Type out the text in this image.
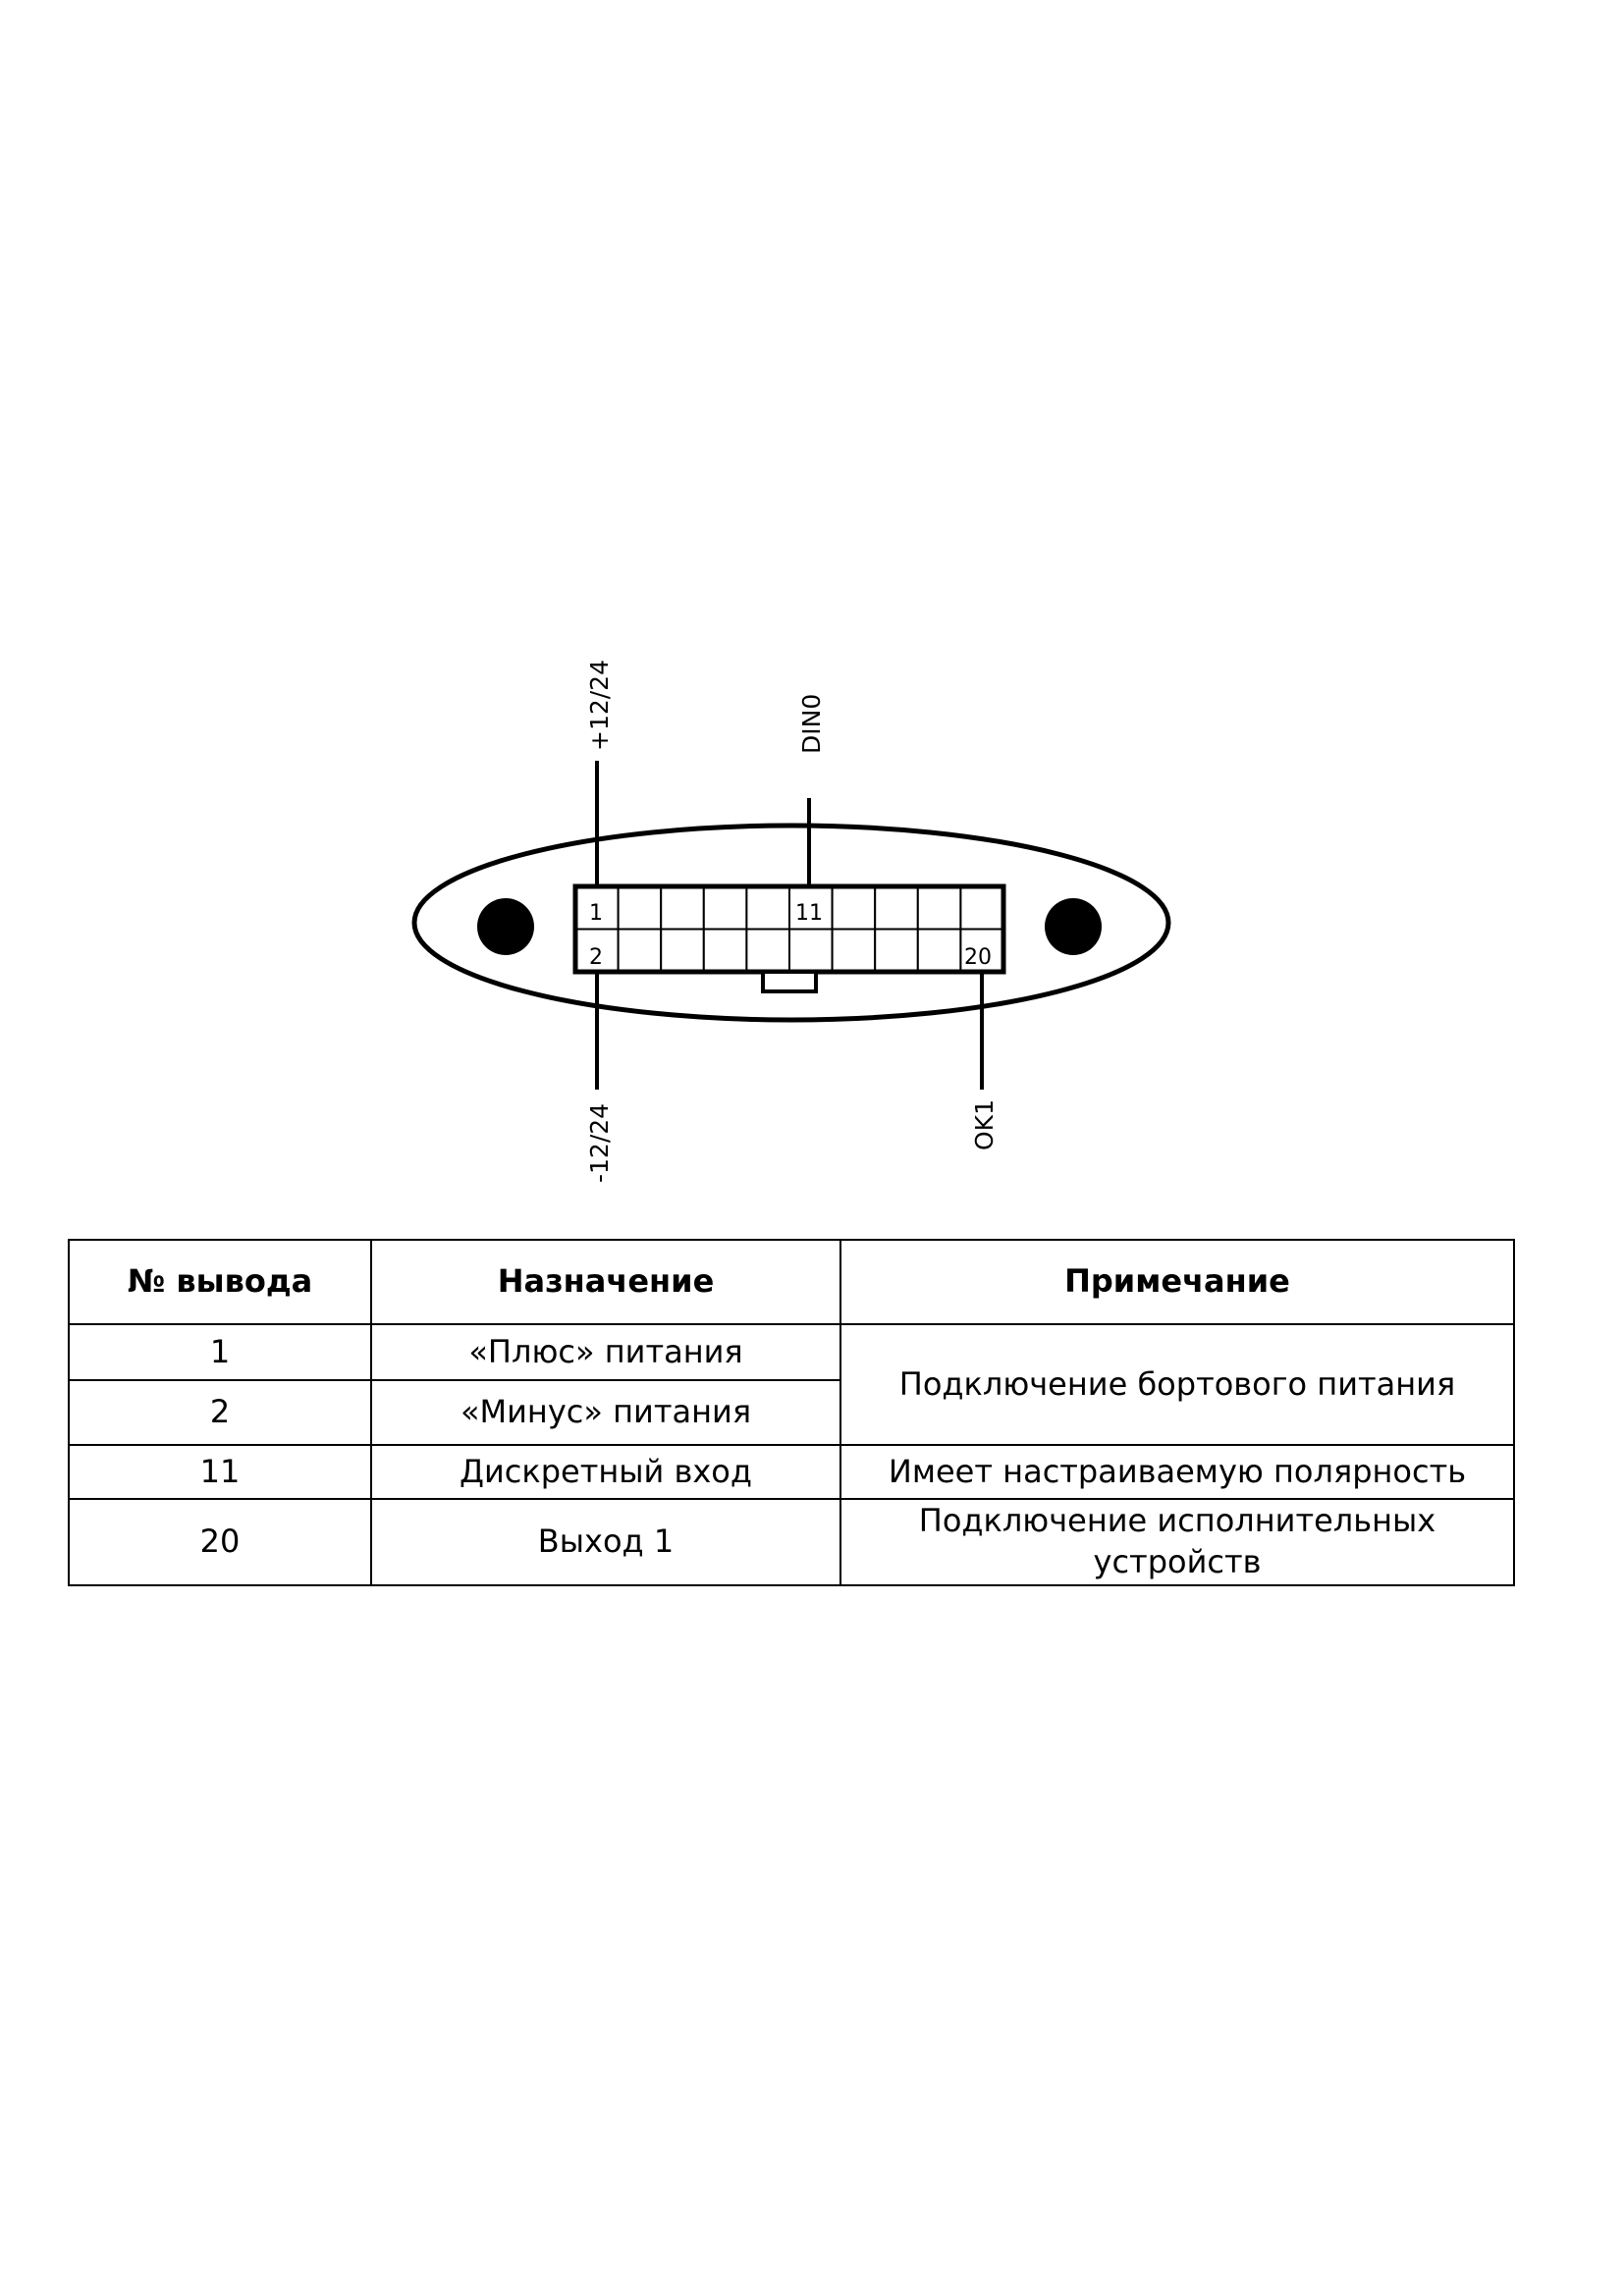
1
2
11
20
+12/24	DIN0
-12/24	OK1
№ вывода	Назначение	Примечание
1	«Плюс» питания	Подключение бортового питания
2	«Минус» питания	
11	Дискретный вход	Имеет настраиваемую полярность
20	Выход 1	Подключение исполнительных устройств
